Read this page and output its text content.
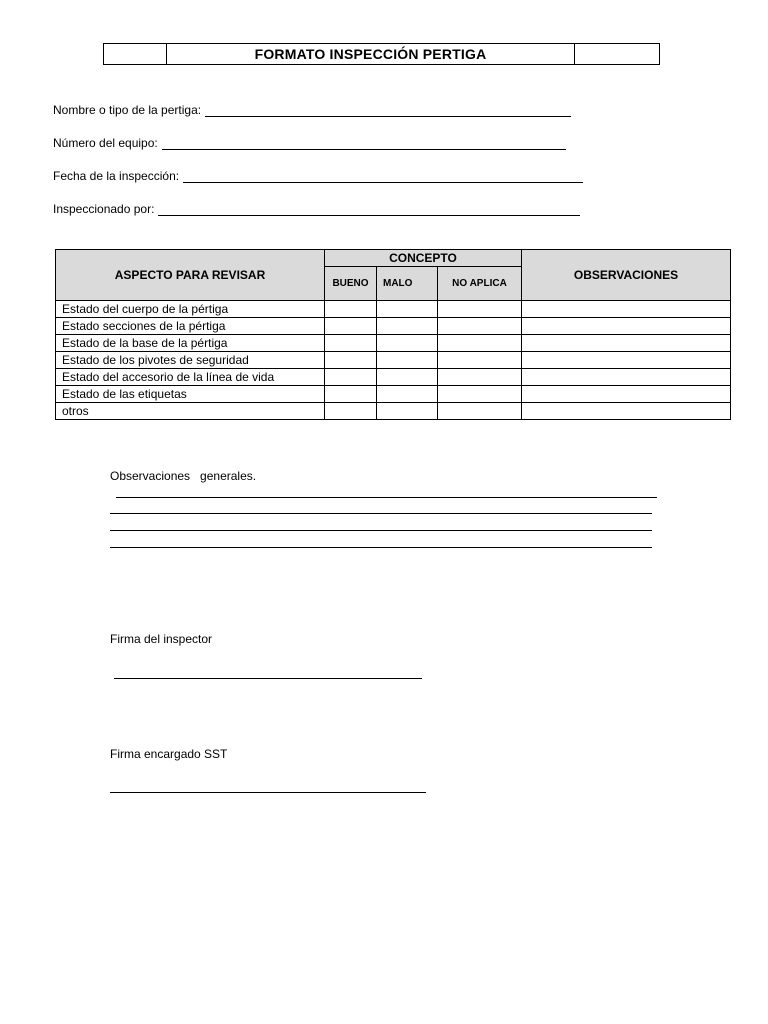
FORMATO INSPECCIÓN PERTIGA
Nombre o tipo de la pertiga:
Número del equipo:
Fecha de la inspección:
Inspeccionado por:
ASPECTO PARA REVISAR	CONCEPTO			OBSERVACIONES
	BUENO	MALO	NO APLICA	
Estado del cuerpo de la pértiga				
Estado secciones de la pértiga				
Estado de la base de la pértiga				
Estado de los pivotes de seguridad				
Estado del accesorio de la línea de vida				
Estado de las etiquetas				
otros				
Observaciones   generales.
Firma del inspector
Firma encargado SST
